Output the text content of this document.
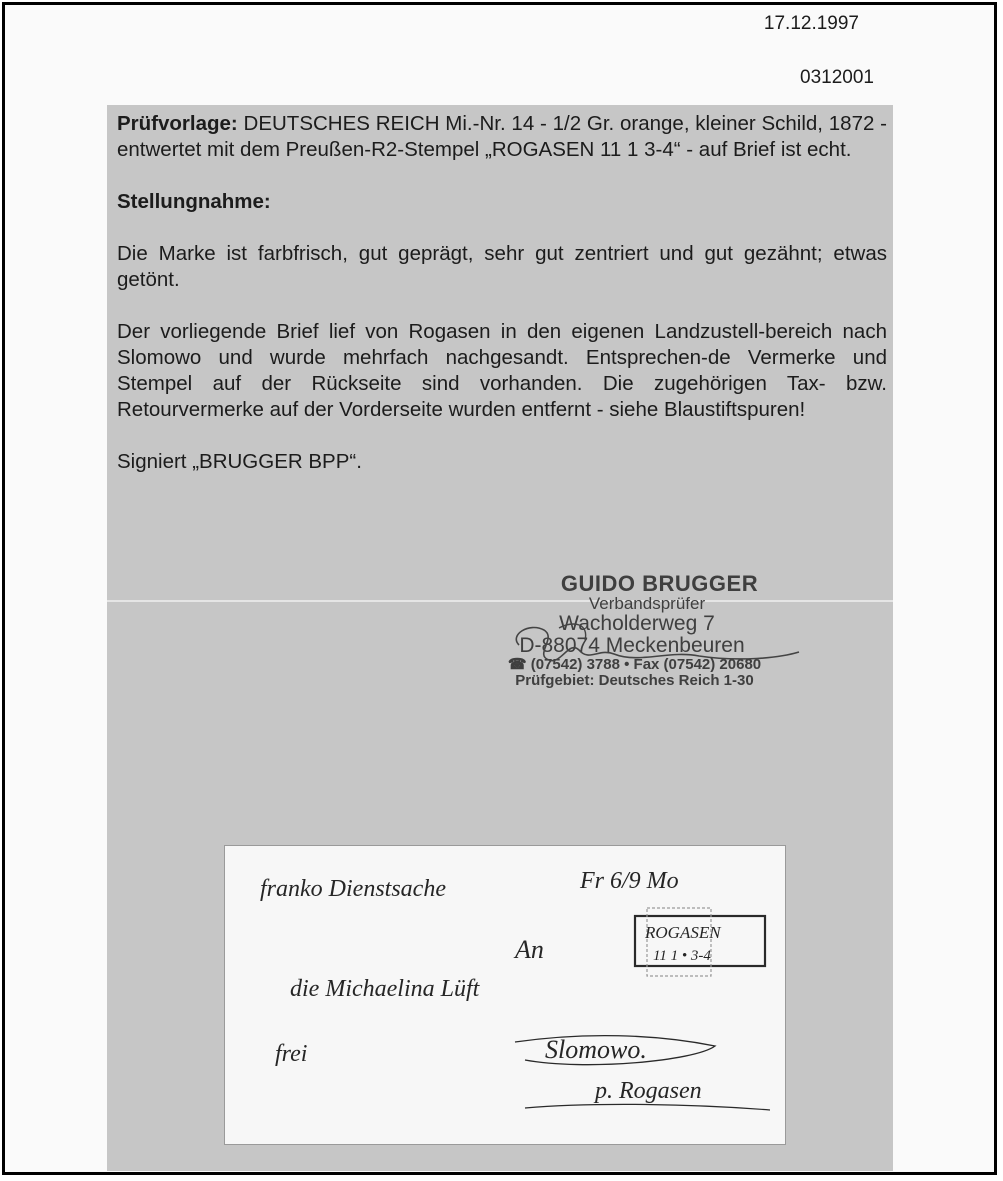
17.12.1997
0312001

Prüfvorlage: DEUTSCHES REICH Mi.-Nr. 14 - 1/2 Gr. orange, kleiner Schild, 1872 - entwertet mit dem Preußen-R2-Stempel „ROGASEN 11 1 3-4“ - auf Brief ist echt.

Stellungnahme:

Die Marke ist farbfrisch, gut geprägt, sehr gut zentriert und gut gezähnt; etwas getönt.

Der vorliegende Brief lief von Rogasen in den eigenen Landzustell-bereich nach Slomowo und wurde mehrfach nachgesandt. Entsprechen-de Vermerke und Stempel auf der Rückseite sind vorhanden. Die zugehörigen Tax- bzw. Retourvermerke auf der Vorderseite wurden entfernt - siehe Blaustiftspuren!

Signiert „BRUGGER BPP“.

GUIDO BRUGGER
Verbandsprüfer
Wacholderweg 7
D-88074 Meckenbeuren
☎ (07542) 3788 • Fax (07542) 20680
Prüfgebiet: Deutsches Reich 1-30
franko Dienstsache	Fr 6/9 Mo
ROGASEN
11 1 • 3-4
An
die Michaelina Lüft
frei	Slomowo.
p. Rogasen
